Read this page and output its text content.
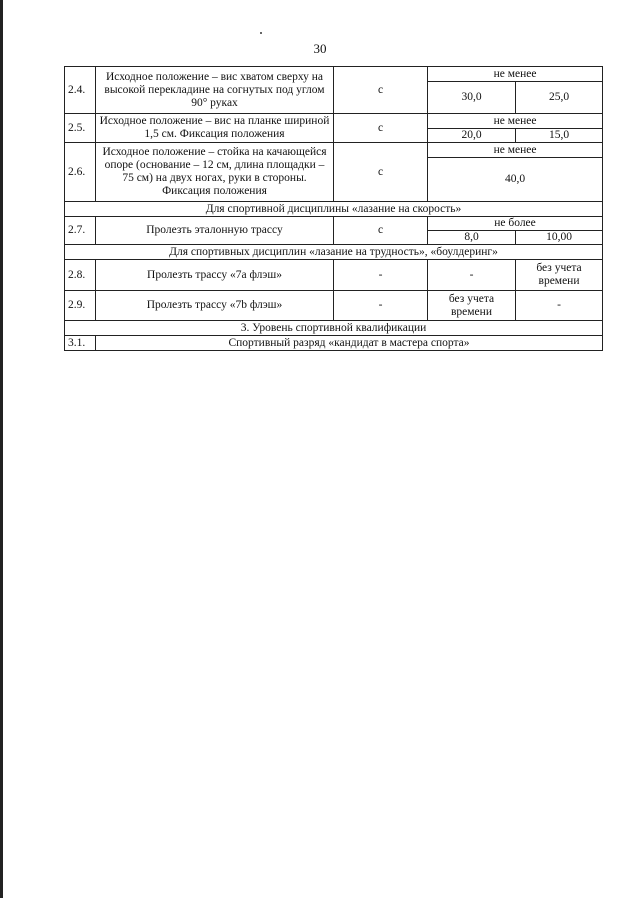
30
2.4.	Исходное положение – вис хватом сверху на высокой перекладине на согнутых под углом 90° руках	с	не менее	
			30,0	25,0
2.5.	Исходное положение – вис на планке шириной 1,5 см. Фиксация положения	с	не менее	
			20,0	15,0
2.6.	Исходное положение – стойка на качающейся опоре (основание – 12 см, длина площадки – 75 см) на двух ногах, руки в стороны. Фиксация положения	с	не менее	
			40,0	
Для спортивной дисциплины «лазание на скорость»				
2.7.	Пролезть эталонную трассу	с	не более	
			8,0	10,00
Для спортивных дисциплин «лазание на трудность», «боулдеринг»				
2.8.	Пролезть трассу «7а флэш»	-	-	без учета времени
2.9.	Пролезть трассу «7b флэш»	-	без учета времени	-
3. Уровень спортивной квалификации				
3.1.	Спортивный разряд «кандидат в мастера спорта»			
